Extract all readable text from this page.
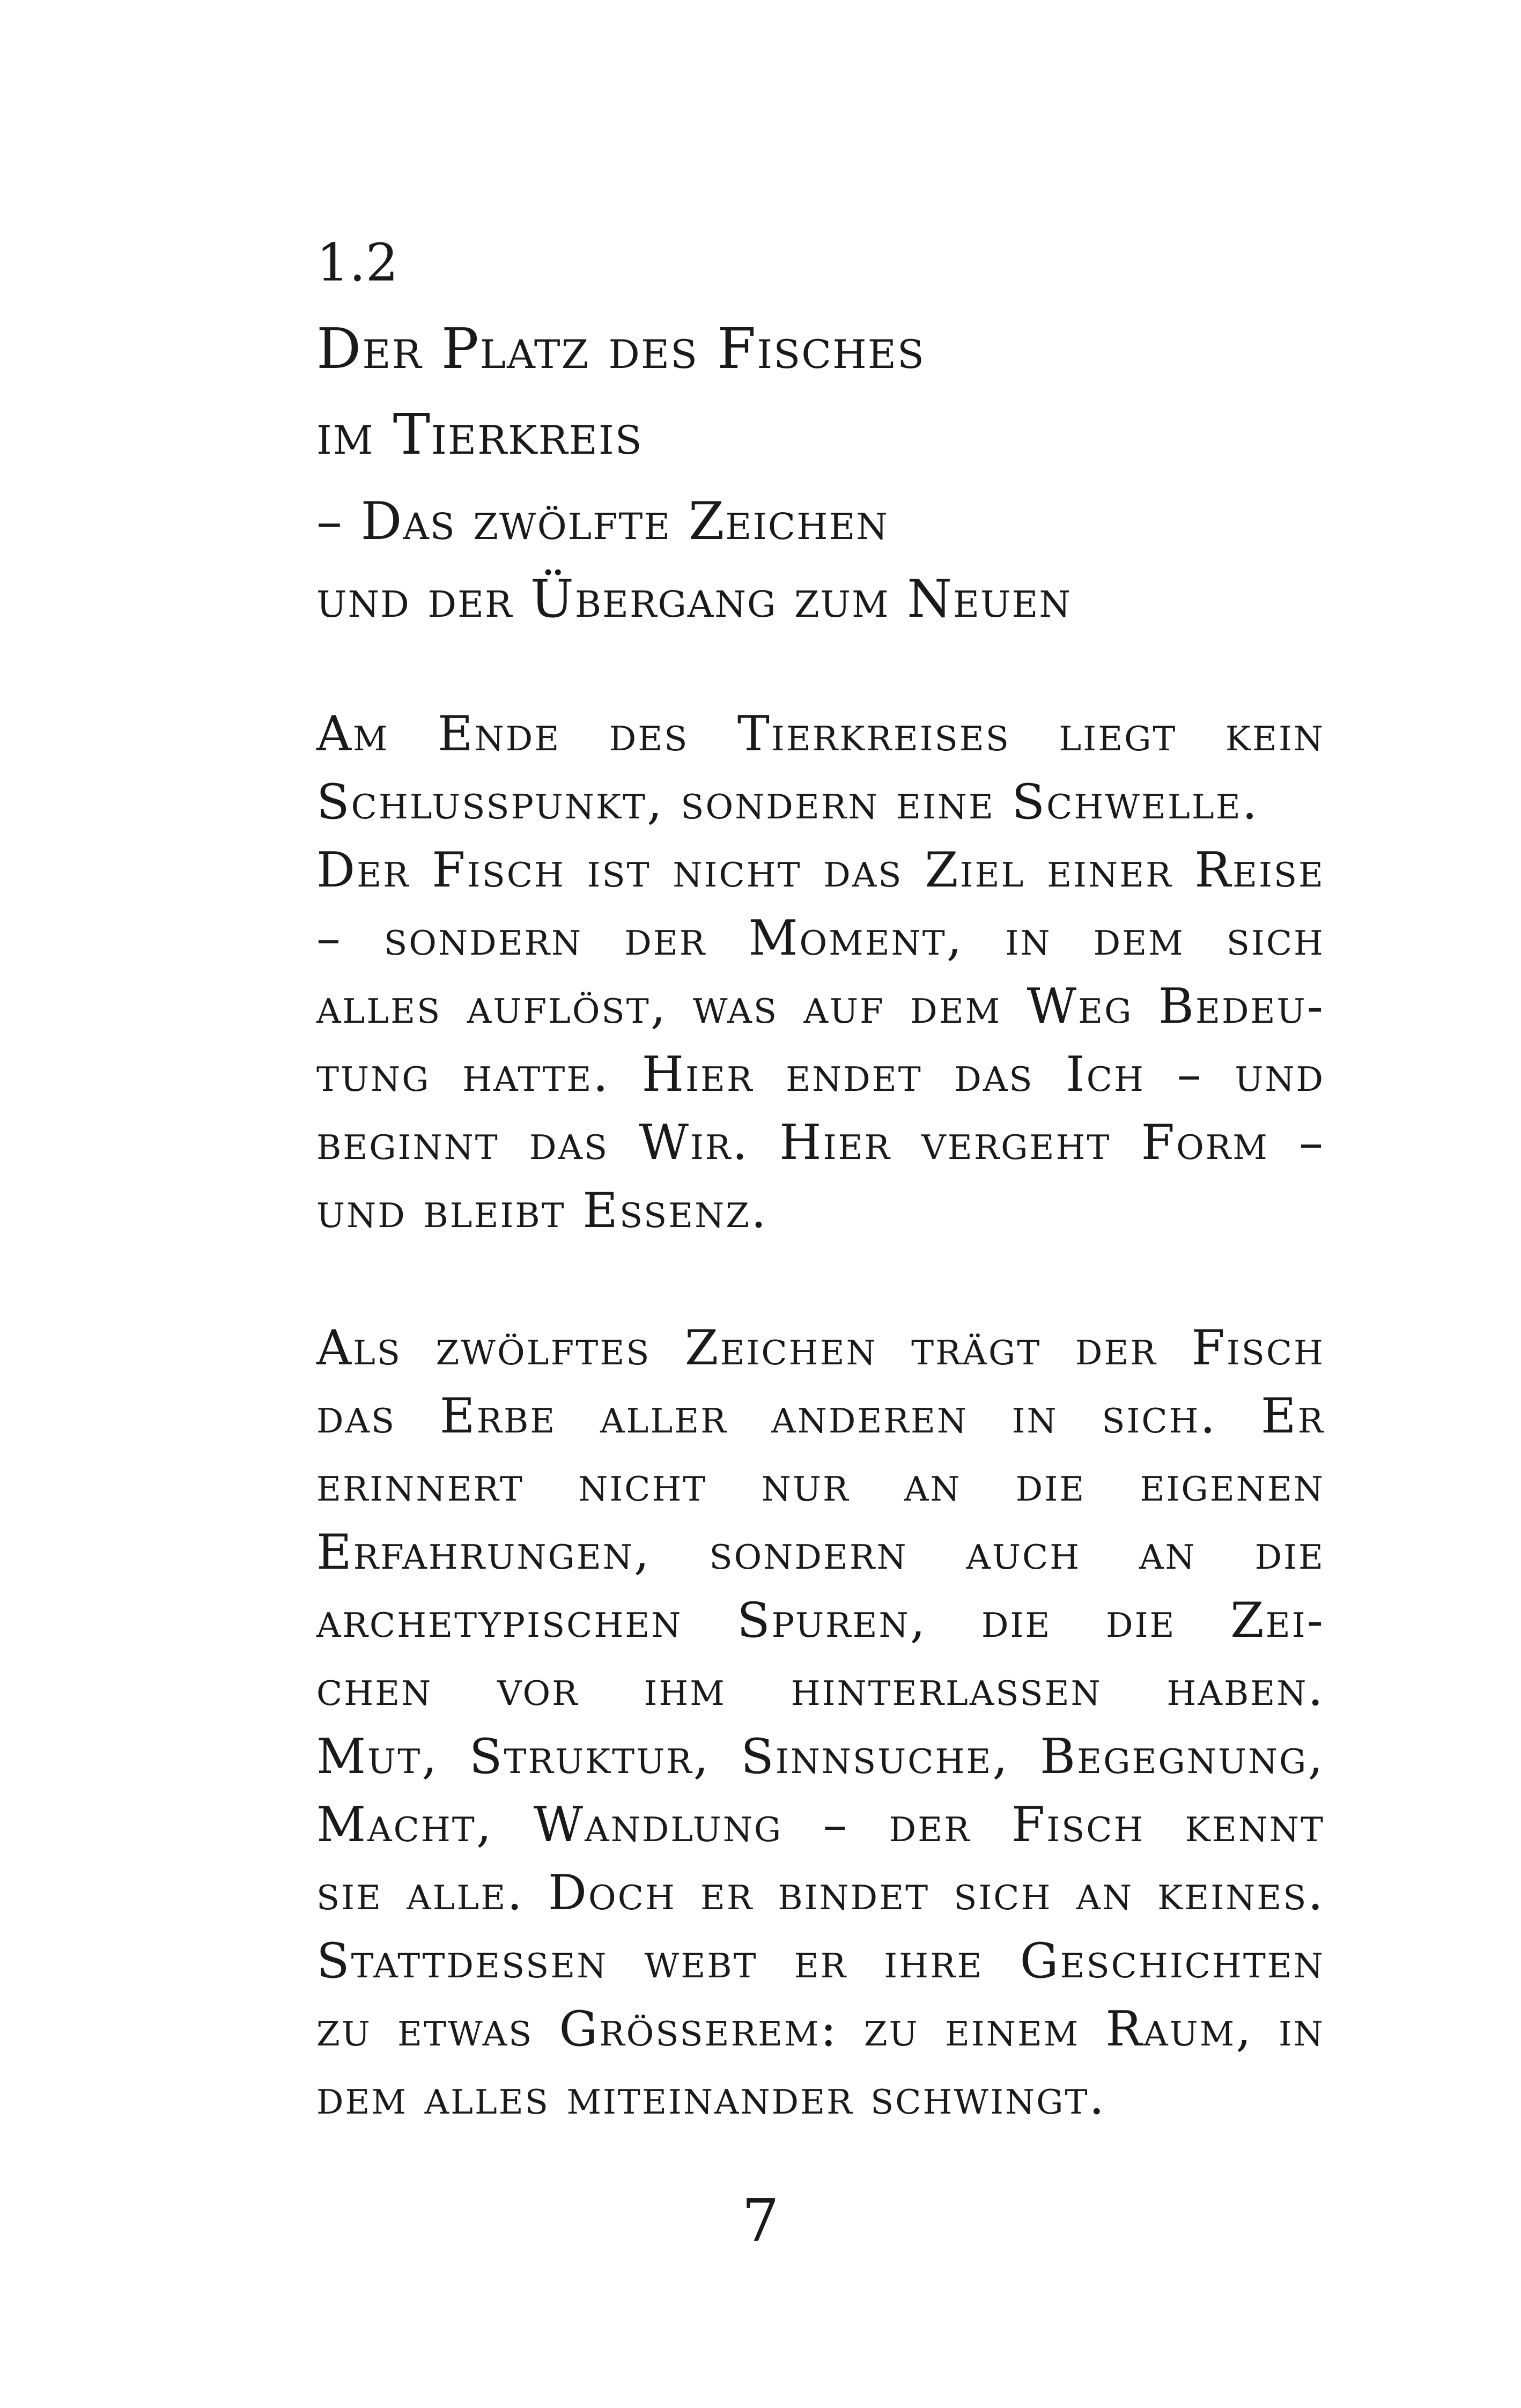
1.2
Der Platz des Fisches
im Tierkreis
– Das zwölfte Zeichen
und der Übergang zum Neuen
Am Ende des Tierkreises liegt kein
Schlusspunkt, sondern eine Schwelle.
Der Fisch ist nicht das Ziel einer Reise
– sondern der Moment, in dem sich
alles auflöst, was auf dem Weg Bedeu-
tung hatte. Hier endet das Ich – und
beginnt das Wir. Hier vergeht Form –
und bleibt Essenz.
Als zwölftes Zeichen trägt der Fisch
das Erbe aller anderen in sich. Er
erinnert nicht nur an die eigenen
Erfahrungen, sondern auch an die
archetypischen Spuren, die die Zei-
chen vor ihm hinterlassen haben.
Mut, Struktur, Sinnsuche, Begegnung,
Macht, Wandlung – der Fisch kennt
sie alle. Doch er bindet sich an keines.
Stattdessen webt er ihre Geschichten
zu etwas Grösserem: zu einem Raum, in
dem alles miteinander schwingt.
7
